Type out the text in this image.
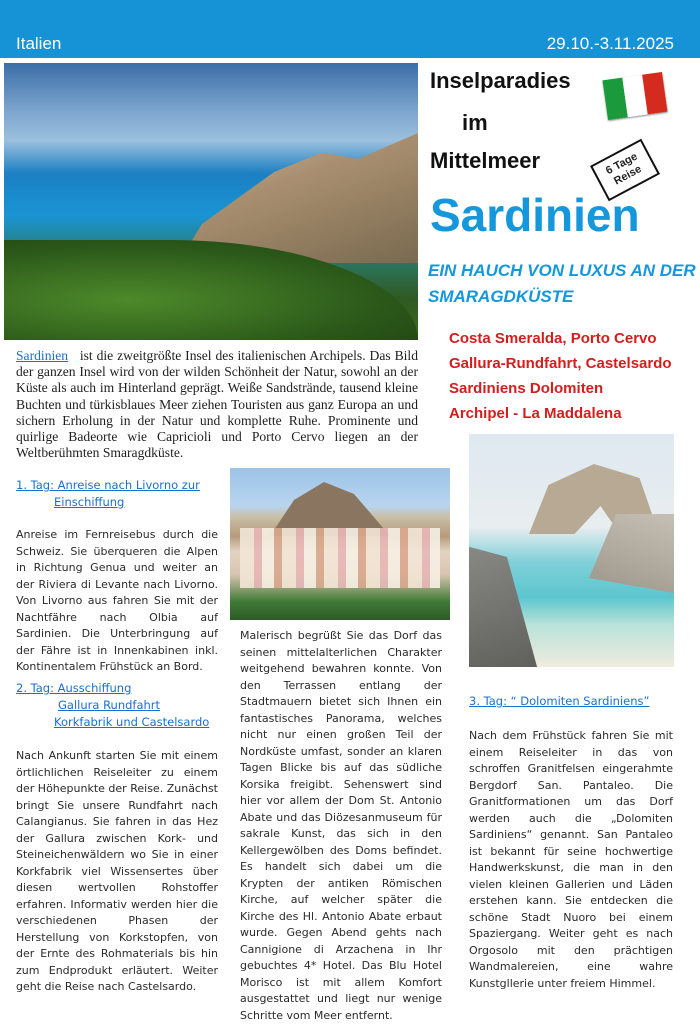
Italien	29.10.-3.11.2025
Inselparadies
im
Mittelmeer	6 Tage Reise
Sardinien
EIN HAUCH VON LUXUS AN DER SMARAGDKÜSTE
Costa Smeralda, Porto Cervo
Gallura-Rundfahrt, Castelsardo
Sardiniens Dolomiten
Archipel - La Maddalena
Sardinien ist die zweitgrößte Insel des italienischen Archipels. Das Bild der ganzen Insel wird von der wilden Schönheit der Natur, sowohl an der Küste als auch im Hinterland geprägt. Weiße Sandstrände, tausend kleine Buchten und türkisblaues Meer ziehen Touristen aus ganz Europa an und sichern Erholung in der Natur und komplette Ruhe. Prominente und quirlige Badeorte wie Capricioli und Porto Cervo liegen an der Weltberühmten Smaragdküste.
1. Tag: Anreise nach Livorno zur
Einschiffung
Anreise im Fernreisebus durch die Schweiz. Sie überqueren die Alpen in Richtung Genua und weiter an der Riviera di Levante nach Livorno. Von Livorno aus fahren Sie mit der Nachtfähre nach Olbia auf Sardinien. Die Unterbringung auf der Fähre ist in Innenkabinen inkl. Kontinentalem Frühstück an Bord.
2. Tag: Ausschiffung
Gallura Rundfahrt
Korkfabrik und Castelsardo
Nach Ankunft starten Sie mit einem örtlichlichen Reiseleiter zu einem der Höhepunkte der Reise. Zunächst bringt Sie unsere Rundfahrt nach Calangianus. Sie fahren in das Hez der Gallura zwischen Kork- und Steineichenwäldern wo Sie in einer Korkfabrik viel Wissensertes über diesen wertvollen Rohstoffer erfahren. Informativ werden hier die verschiedenen Phasen der Herstellung von Korkstopfen, von der Ernte des Rohmaterials bis hin zum Endprodukt erläutert. Weiter geht die Reise nach Castelsardo.
Malerisch begrüßt Sie das Dorf das seinen mittelalterlichen Charakter weitgehend bewahren konnte. Von den Terrassen entlang der Stadtmauern bietet sich Ihnen ein fantastisches Panorama, welches nicht nur einen großen Teil der Nordküste umfast, sonder an klaren Tagen Blicke bis auf das südliche Korsika freigibt. Sehenswert sind hier vor allem der Dom St. Antonio Abate und das Diözesanmuseum für sakrale Kunst, das sich in den Kellergewölben des Doms befindet. Es handelt sich dabei um die Krypten der antiken Römischen Kirche, auf welcher später die Kirche des Hl. Antonio Abate erbaut wurde. Gegen Abend gehts nach Cannigione di Arzachena in Ihr gebuchtes 4* Hotel. Das Blu Hotel Morisco ist mit allem Komfort ausgestattet und liegt nur wenige Schritte vom Meer entfernt.
3. Tag: “ Dolomiten Sardiniens”
Nach dem Frühstück fahren Sie mit einem Reiseleiter in das von schroffen Granitfelsen eingerahmte Bergdorf San. Pantaleo. Die Granitformationen um das Dorf werden auch die „Dolomiten Sardiniens“ genannt. San Pantaleo ist bekannt für seine hochwertige Handwerkskunst, die man in den vielen kleinen Gallerien und Läden erstehen kann. Sie entdecken die schöne Stadt Nuoro bei einem Spaziergang. Weiter geht es nach Orgosolo mit den prächtigen Wandmalereien, eine wahre Kunstgllerie unter freiem Himmel.
